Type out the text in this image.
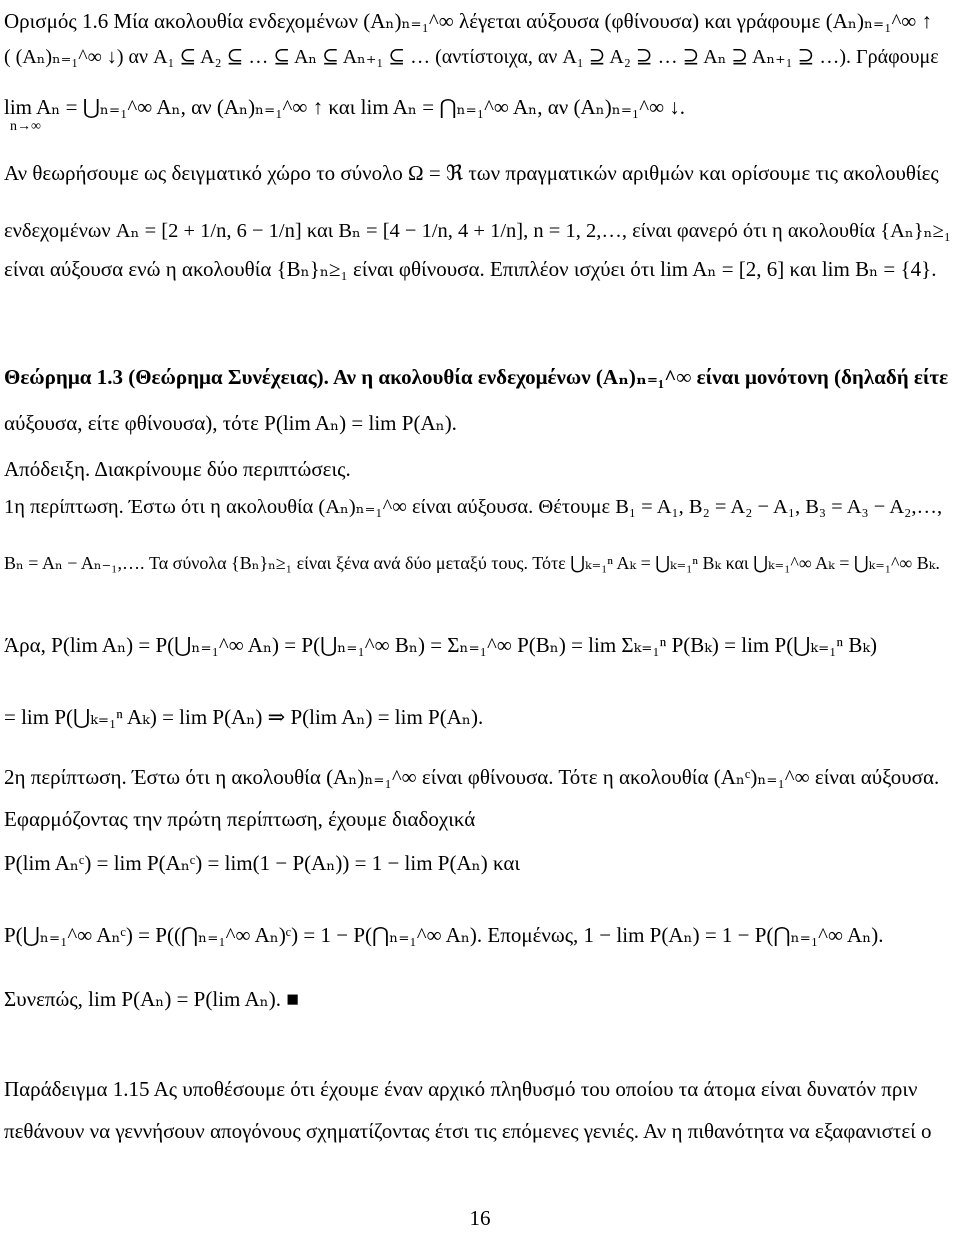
Ορισμός 1.6 Μία ακολουθία ενδεχομένων (Aₙ)ₙ₌₁^∞ λέγεται αύξουσα (φθίνουσα) και γράφουμε (Aₙ)ₙ₌₁^∞ ↑
( (Aₙ)ₙ₌₁^∞ ↓) αν A₁ ⊆ A₂ ⊆ … ⊆ Aₙ ⊆ Aₙ₊₁ ⊆ … (αντίστοιχα, αν A₁ ⊇ A₂ ⊇ … ⊇ Aₙ ⊇ Aₙ₊₁ ⊇ …). Γράφουμε
lim Aₙ = ⋃ₙ₌₁^∞ Aₙ, αν (Aₙ)ₙ₌₁^∞ ↑ και lim Aₙ = ⋂ₙ₌₁^∞ Aₙ, αν (Aₙ)ₙ₌₁^∞ ↓.
n→∞
Αν θεωρήσουμε ως δειγματικό χώρο το σύνολο Ω = ℜ των πραγματικών αριθμών και ορίσουμε τις ακολουθίες
ενδεχομένων Aₙ = [2 + 1/n, 6 − 1/n] και Bₙ = [4 − 1/n, 4 + 1/n], n = 1, 2,…, είναι φανερό ότι η ακολουθία {Aₙ}ₙ≥₁
είναι αύξουσα ενώ η ακολουθία {Bₙ}ₙ≥₁ είναι φθίνουσα. Επιπλέον ισχύει ότι lim Aₙ = [2, 6] και lim Bₙ = {4}.
Θεώρημα 1.3 (Θεώρημα Συνέχειας). Αν η ακολουθία ενδεχομένων (Aₙ)ₙ₌₁^∞ είναι μονότονη (δηλαδή είτε
αύξουσα, είτε φθίνουσα), τότε P(lim Aₙ) = lim P(Aₙ).
Απόδειξη. Διακρίνουμε δύο περιπτώσεις.
1η περίπτωση. Έστω ότι η ακολουθία (Aₙ)ₙ₌₁^∞ είναι αύξουσα. Θέτουμε B₁ = A₁, B₂ = A₂ − A₁, B₃ = A₃ − A₂,…,
Bₙ = Aₙ − Aₙ₋₁,…. Τα σύνολα {Bₙ}ₙ≥₁ είναι ξένα ανά δύο μεταξύ τους. Τότε ⋃ₖ₌₁ⁿ Aₖ = ⋃ₖ₌₁ⁿ Bₖ και ⋃ₖ₌₁^∞ Aₖ = ⋃ₖ₌₁^∞ Bₖ.
Άρα, P(lim Aₙ) = P(⋃ₙ₌₁^∞ Aₙ) = P(⋃ₙ₌₁^∞ Bₙ) = Σₙ₌₁^∞ P(Bₙ) = lim Σₖ₌₁ⁿ P(Bₖ) = lim P(⋃ₖ₌₁ⁿ Bₖ)
= lim P(⋃ₖ₌₁ⁿ Aₖ) = lim P(Aₙ) ⇒ P(lim Aₙ) = lim P(Aₙ).
2η περίπτωση. Έστω ότι η ακολουθία (Aₙ)ₙ₌₁^∞ είναι φθίνουσα. Τότε η ακολουθία (Aₙᶜ)ₙ₌₁^∞ είναι αύξουσα.
Εφαρμόζοντας την πρώτη περίπτωση, έχουμε διαδοχικά
P(lim Aₙᶜ) = lim P(Aₙᶜ) = lim(1 − P(Aₙ)) = 1 − lim P(Aₙ) και
P(⋃ₙ₌₁^∞ Aₙᶜ) = P((⋂ₙ₌₁^∞ Aₙ)ᶜ) = 1 − P(⋂ₙ₌₁^∞ Aₙ). Επομένως, 1 − lim P(Aₙ) = 1 − P(⋂ₙ₌₁^∞ Aₙ).
Συνεπώς, lim P(Aₙ) = P(lim Aₙ). ■
Παράδειγμα 1.15 Ας υποθέσουμε ότι έχουμε έναν αρχικό πληθυσμό του οποίου τα άτομα είναι δυνατόν πριν
πεθάνουν να γεννήσουν απογόνους σχηματίζοντας έτσι τις επόμενες γενιές. Αν η πιθανότητα να εξαφανιστεί ο
16
